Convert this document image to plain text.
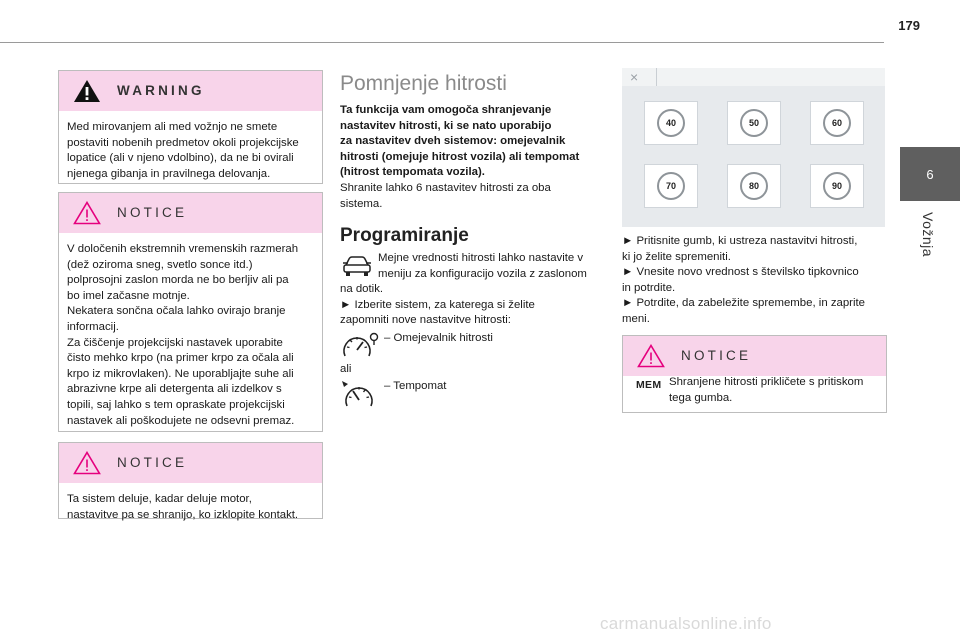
179
6
Vožnja
WARNING
Med mirovanjem ali med vožnjo ne smete
postaviti nobenih predmetov okoli projekcijske
lopatice (ali v njeno vdolbino), da ne bi ovirali
njenega gibanja in pravilnega delovanja.
NOTICE
V določenih ekstremnih vremenskih razmerah
(dež oziroma sneg, svetlo sonce itd.)
polprosojni zaslon morda ne bo berljiv ali pa
bo imel začasne motnje.
Nekatera sončna očala lahko ovirajo branje
informacij.
Za čiščenje projekcijski nastavek uporabite
čisto mehko krpo (na primer krpo za očala ali
krpo iz mikrovlaken). Ne uporabljajte suhe ali
abrazivne krpe ali detergenta ali izdelkov s
topili, saj lahko s tem opraskate projekcijski
nastavek ali poškodujete ne odsevni premaz.
NOTICE
Ta sistem deluje, kadar deluje motor,
nastavitve pa se shranijo, ko izklopite kontakt.
Pomnjenje hitrosti
Ta funkcija vam omogoča shranjevanje
nastavitev hitrosti, ki se nato uporabijo
za nastavitev dveh sistemov: omejevalnik
hitrosti (omejuje hitrost vozila) ali tempomat
(hitrost tempomata vozila).
Shranite lahko 6 nastavitev hitrosti za oba
sistema.
Programiranje
Mejne vrednosti hitrosti lahko nastavite v
meniju za konfiguracijo vozila z zaslonom
na dotik.
► Izberite sistem, za katerega si želite
zapomniti nove nastavitve hitrosti:
– Omejevalnik hitrosti
ali
– Tempomat
×
40	50	60
70	80	90
► Pritisnite gumb, ki ustreza nastavitvi hitrosti,
ki jo želite spremeniti.
► Vnesite novo vrednost s številsko tipkovnico
in potrdite.
► Potrdite, da zabeležite spremembe, in zaprite
meni.
NOTICE
MEM Shranjene hitrosti prikličete s pritiskom
tega gumba.
carmanualsonline.info
